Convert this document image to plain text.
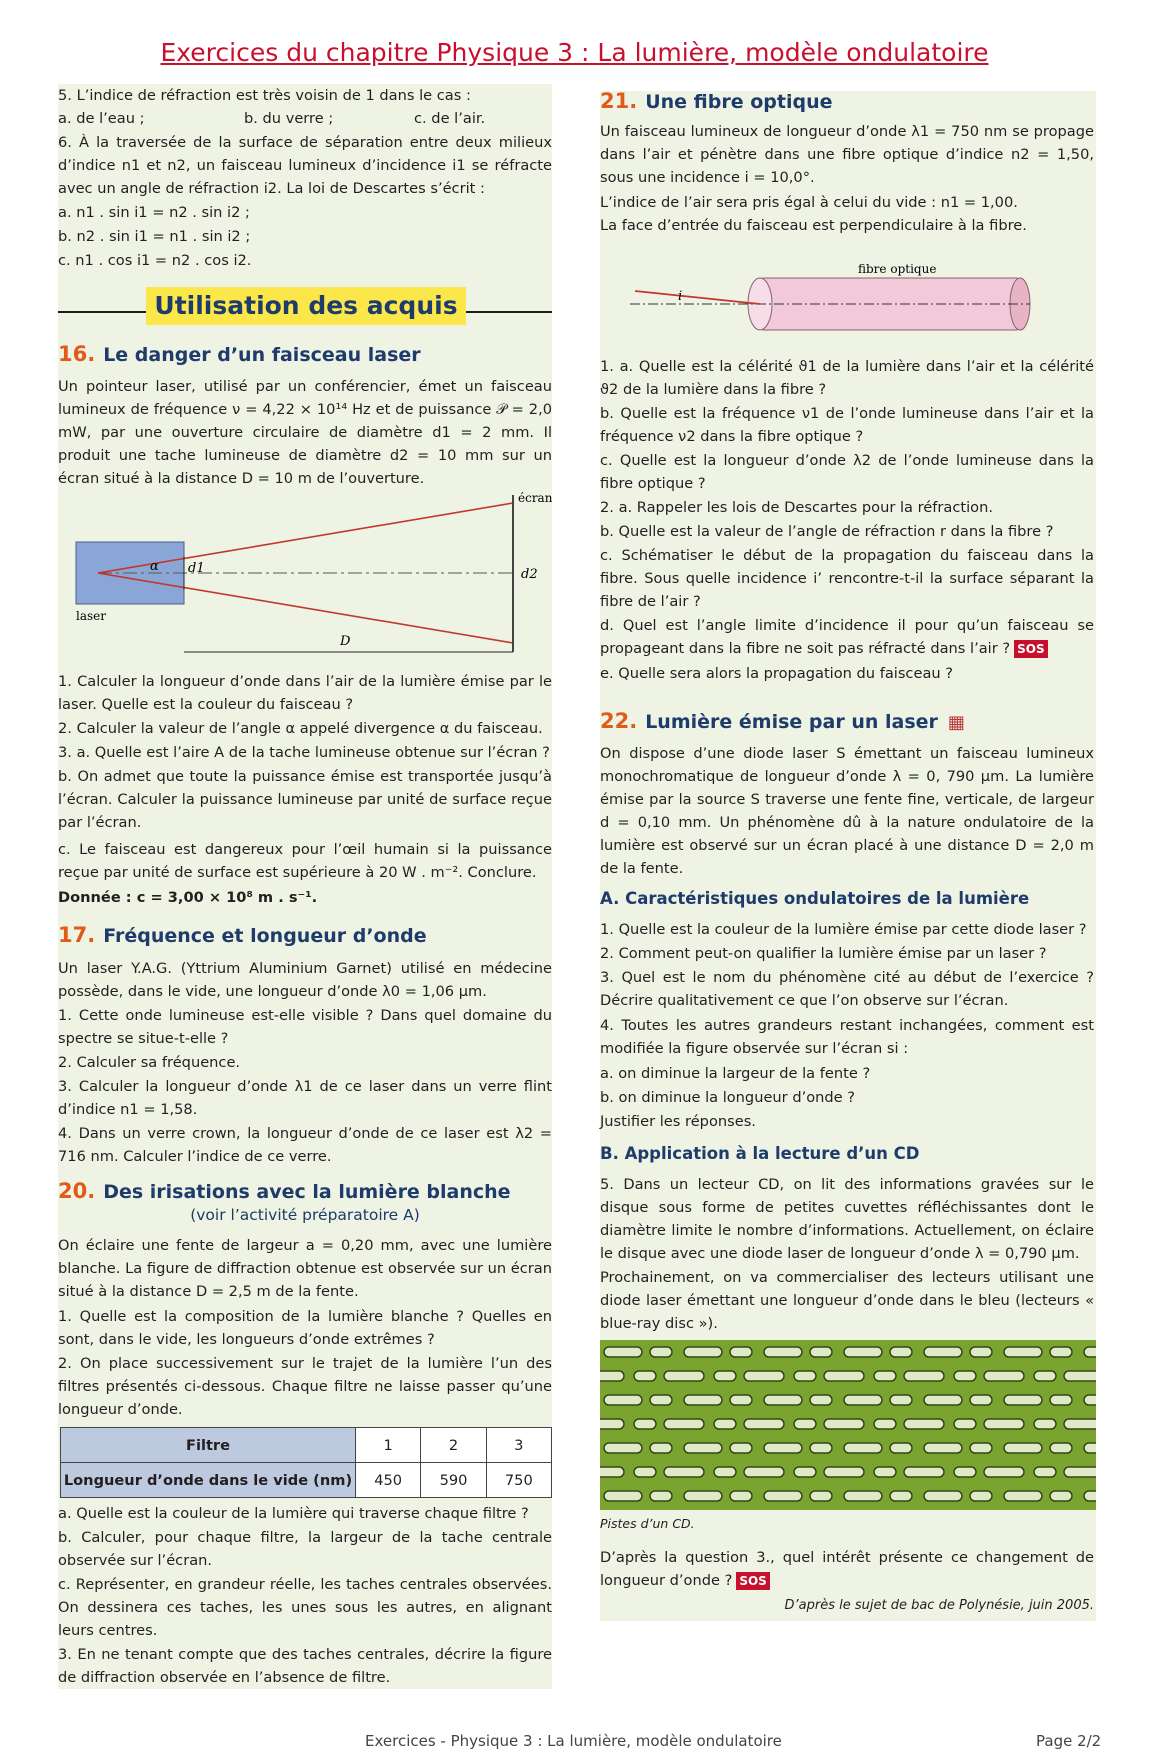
Exercices du chapitre Physique 3 : La lumière, modèle ondulatoire

5. L’indice de réfraction est très voisin de 1 dans le cas :

a. de l’eau ;	b. du verre ;	c. de l’air.

6. À la traversée de la surface de séparation entre deux milieux d’indice n1 et n2, un faisceau lumineux d’incidence i1 se réfracte avec un angle de réfraction i2. La loi de Descartes s’écrit :

a. n1 . sin i1 = n2 . sin i2 ;

b. n2 . sin i1 = n1 . sin i2 ;

c. n1 . cos i1 = n2 . cos i2.

Utilisation des acquis
16. Le danger d’un faisceau laser

Un pointeur laser, utilisé par un conférencier, émet un faisceau lumineux de fréquence ν = 4,22 × 10¹⁴ Hz et de puissance 𝒫 = 2,0 mW, par une ouverture circulaire de diamètre d1 = 2 mm. Il produit une tache lumineuse de diamètre d2 = 10 mm sur un écran situé à la distance D = 10 m de l’ouverture.

écran
laser
α d1	d2
D

1. Calculer la longueur d’onde dans l’air de la lumière émise par le laser. Quelle est la couleur du faisceau ?

2. Calculer la valeur de l’angle α appelé divergence α du faisceau.

3. a. Quelle est l’aire A de la tache lumineuse obtenue sur l’écran ?

b. On admet que toute la puissance émise est transportée jusqu’à l’écran. Calculer la puissance lumineuse par unité de surface reçue par l’écran.

c. Le faisceau est dangereux pour l’œil humain si la puissance reçue par unité de surface est supérieure à 20 W . m⁻². Conclure.

Donnée : c = 3,00 × 10⁸ m . s⁻¹.

17. Fréquence et longueur d’onde

Un laser Y.A.G. (Yttrium Aluminium Garnet) utilisé en médecine possède, dans le vide, une longueur d’onde λ0 = 1,06 µm.

1. Cette onde lumineuse est-elle visible ? Dans quel domaine du spectre se situe-t-elle ?

2. Calculer sa fréquence.

3. Calculer la longueur d’onde λ1 de ce laser dans un verre flint d’indice n1 = 1,58.

4. Dans un verre crown, la longueur d’onde de ce laser est λ2 = 716 nm. Calculer l’indice de ce verre.

20. Des irisations avec la lumière blanche
(voir l’activité préparatoire A)

On éclaire une fente de largeur a = 0,20 mm, avec une lumière blanche. La figure de diffraction obtenue est observée sur un écran situé à la distance D = 2,5 m de la fente.

1. Quelle est la composition de la lumière blanche ? Quelles en sont, dans le vide, les longueurs d’onde extrêmes ?

2. On place successivement sur le trajet de la lumière l’un des filtres présentés ci-dessous. Chaque filtre ne laisse passer qu’une longueur d’onde.

Filtre	1	2	3
Longueur d’onde dans le vide (nm)	450	590	750

a. Quelle est la couleur de la lumière qui traverse chaque filtre ?

b. Calculer, pour chaque filtre, la largeur de la tache centrale observée sur l’écran.

c. Représenter, en grandeur réelle, les taches centrales observées. On dessinera ces taches, les unes sous les autres, en alignant leurs centres.

3. En ne tenant compte que des taches centrales, décrire la figure de diffraction observée en l’absence de filtre.

21. Une fibre optique

Un faisceau lumineux de longueur d’onde λ1 = 750 nm se propage dans l’air et pénètre dans une fibre optique d’indice n2 = 1,50, sous une incidence i = 10,0°.

L’indice de l’air sera pris égal à celui du vide : n1 = 1,00.

La face d’entrée du faisceau est perpendiculaire à la fibre.

fibre optique
i

1. a. Quelle est la célérité ϑ1 de la lumière dans l’air et la célérité ϑ2 de la lumière dans la fibre ?

b. Quelle est la fréquence ν1 de l’onde lumineuse dans l’air et la fréquence ν2 dans la fibre optique ?

c. Quelle est la longueur d’onde λ2 de l’onde lumineuse dans la fibre optique ?

2. a. Rappeler les lois de Descartes pour la réfraction.

b. Quelle est la valeur de l’angle de réfraction r dans la fibre ?

c. Schématiser le début de la propagation du faisceau dans la fibre. Sous quelle incidence i’ rencontre-t-il la surface séparant la fibre de l’air ?

d. Quel est l’angle limite d’incidence il pour qu’un faisceau se propageant dans la fibre ne soit pas réfracté dans l’air ? SOS

e. Quelle sera alors la propagation du faisceau ?

22. Lumière émise par un laser ▦

On dispose d’une diode laser S émettant un faisceau lumineux monochromatique de longueur d’onde λ = 0, 790 µm. La lumière émise par la source S traverse une fente fine, verticale, de largeur d = 0,10 mm. Un phénomène dû à la nature ondulatoire de la lumière est observé sur un écran placé à une distance D = 2,0 m de la fente.

A. Caractéristiques ondulatoires de la lumière

1. Quelle est la couleur de la lumière émise par cette diode laser ?

2. Comment peut-on qualifier la lumière émise par un laser ?

3. Quel est le nom du phénomène cité au début de l’exercice ? Décrire qualitativement ce que l’on observe sur l’écran.

4. Toutes les autres grandeurs restant inchangées, comment est modifiée la figure observée sur l’écran si :

a. on diminue la largeur de la fente ?

b. on diminue la longueur d’onde ?

Justifier les réponses.

B. Application à la lecture d’un CD

5. Dans un lecteur CD, on lit des informations gravées sur le disque sous forme de petites cuvettes réfléchissantes dont le diamètre limite le nombre d’informations. Actuellement, on éclaire le disque avec une diode laser de longueur d’onde λ = 0,790 µm.

Prochainement, on va commercialiser des lecteurs utilisant une diode laser émettant une longueur d’onde dans le bleu (lecteurs « blue-ray disc »).

Pistes d’un CD.

D’après la question 3., quel intérêt présente ce changement de longueur d’onde ? SOS

D’après le sujet de bac de Polynésie, juin 2005.
Exercices - Physique 3 : La lumière, modèle ondulatoire	Page 2/2
